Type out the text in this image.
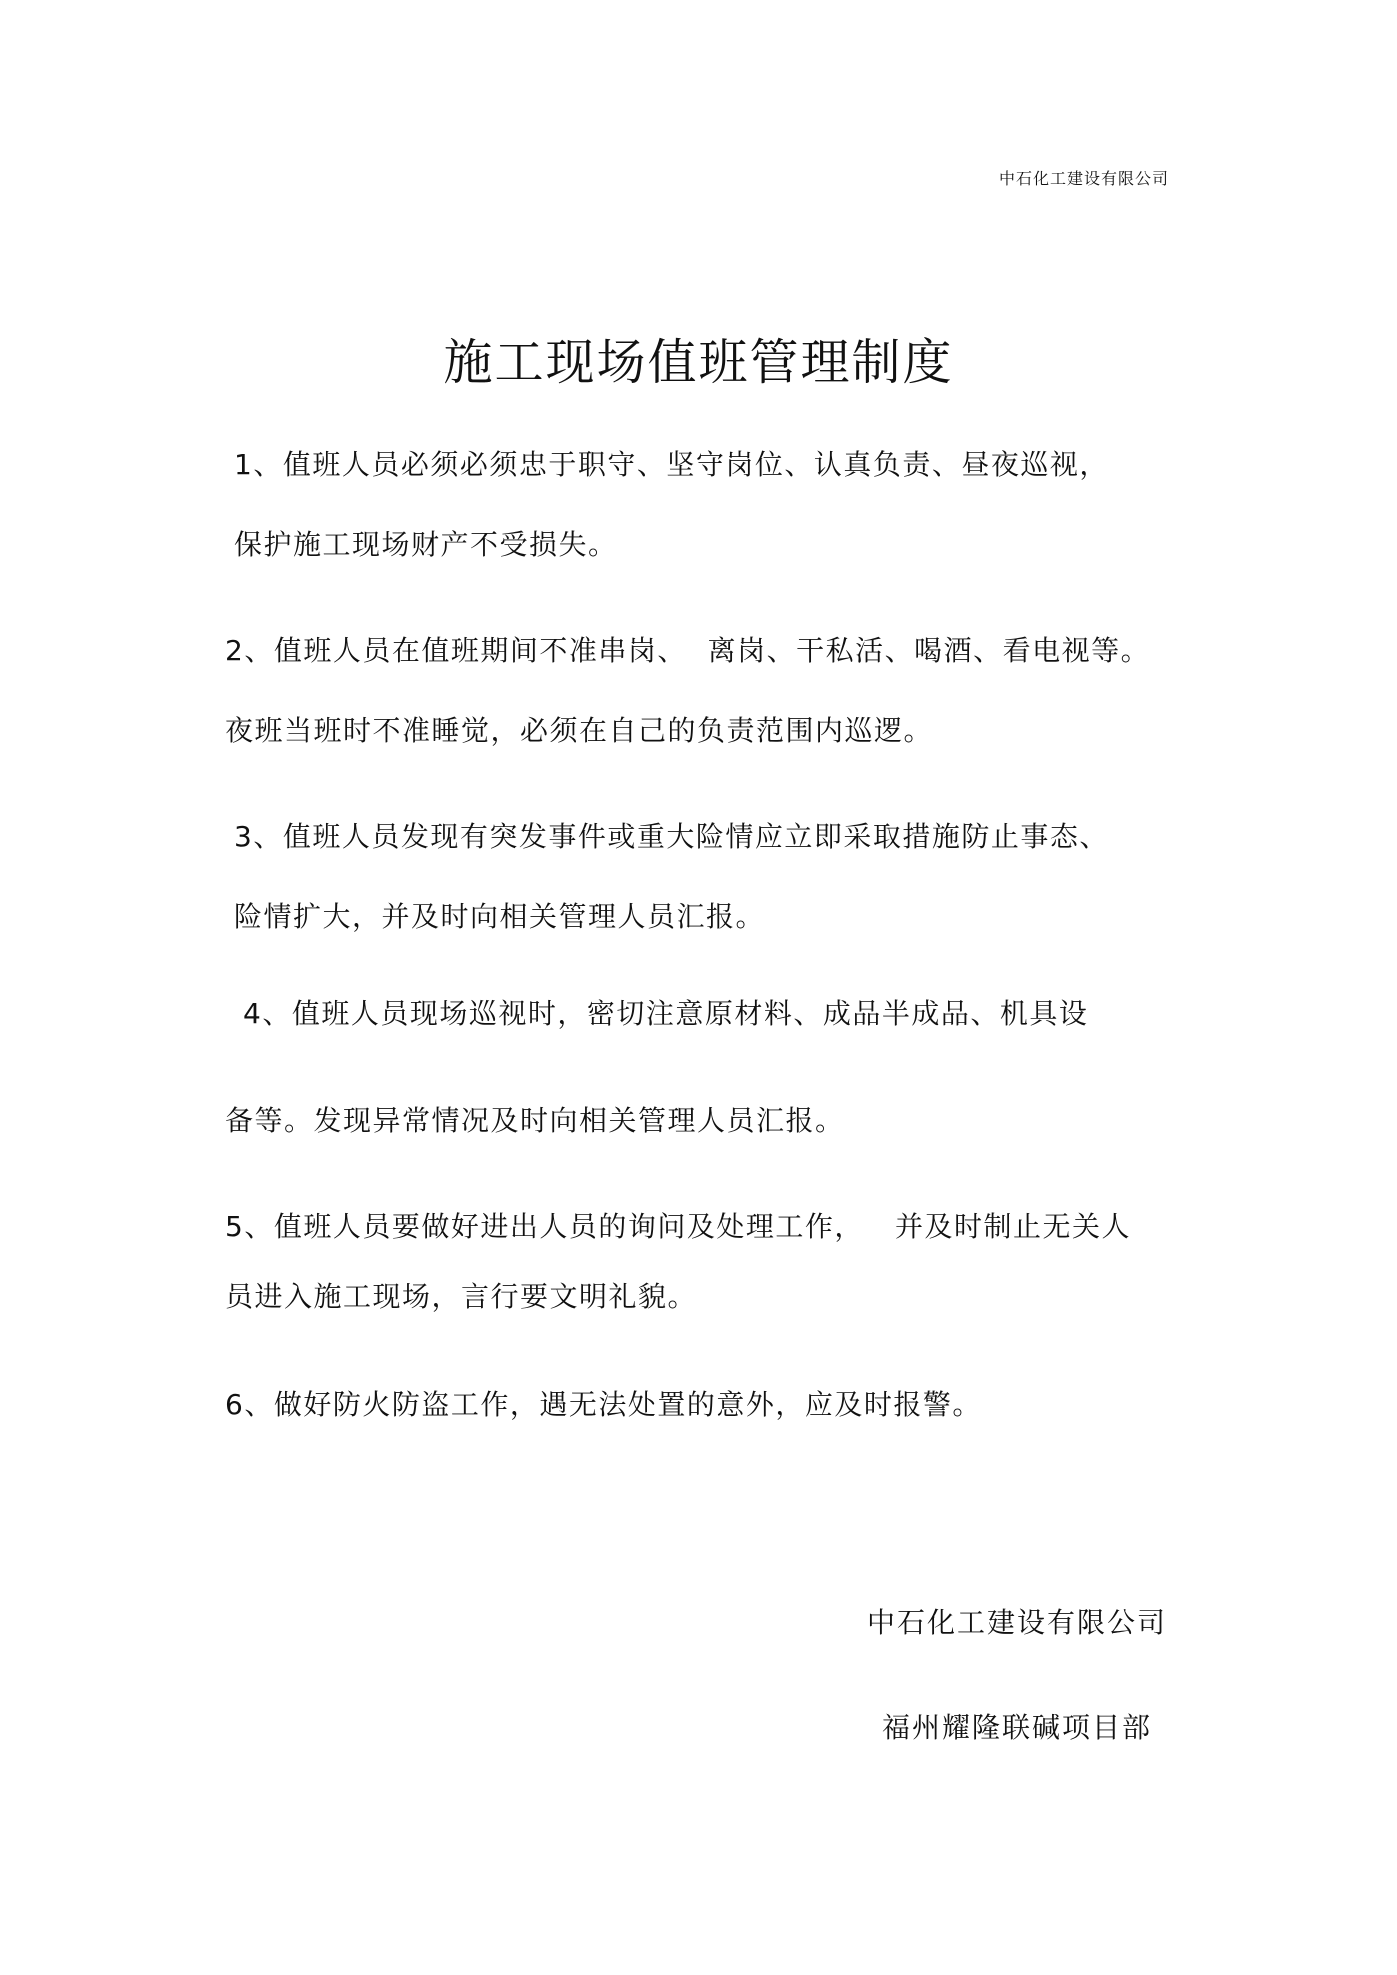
中石化工建设有限公司
施工现场值班管理制度
1、值班人员必须必须忠于职守、坚守岗位、认真负责、昼夜巡视，
保护施工现场财产不受损失。
2、值班人员在值班期间不准串岗、  离岗、干私活、喝酒、看电视等。
夜班当班时不准睡觉，必须在自己的负责范围内巡逻。
3、值班人员发现有突发事件或重大险情应立即采取措施防止事态、
险情扩大，并及时向相关管理人员汇报。
4、值班人员现场巡视时，密切注意原材料、成品半成品、机具设
备等。发现异常情况及时向相关管理人员汇报。
5、值班人员要做好进出人员的询问及处理工作，   并及时制止无关人
员进入施工现场，言行要文明礼貌。
6、做好防火防盗工作，遇无法处置的意外，应及时报警。
中石化工建设有限公司
福州耀隆联碱项目部
